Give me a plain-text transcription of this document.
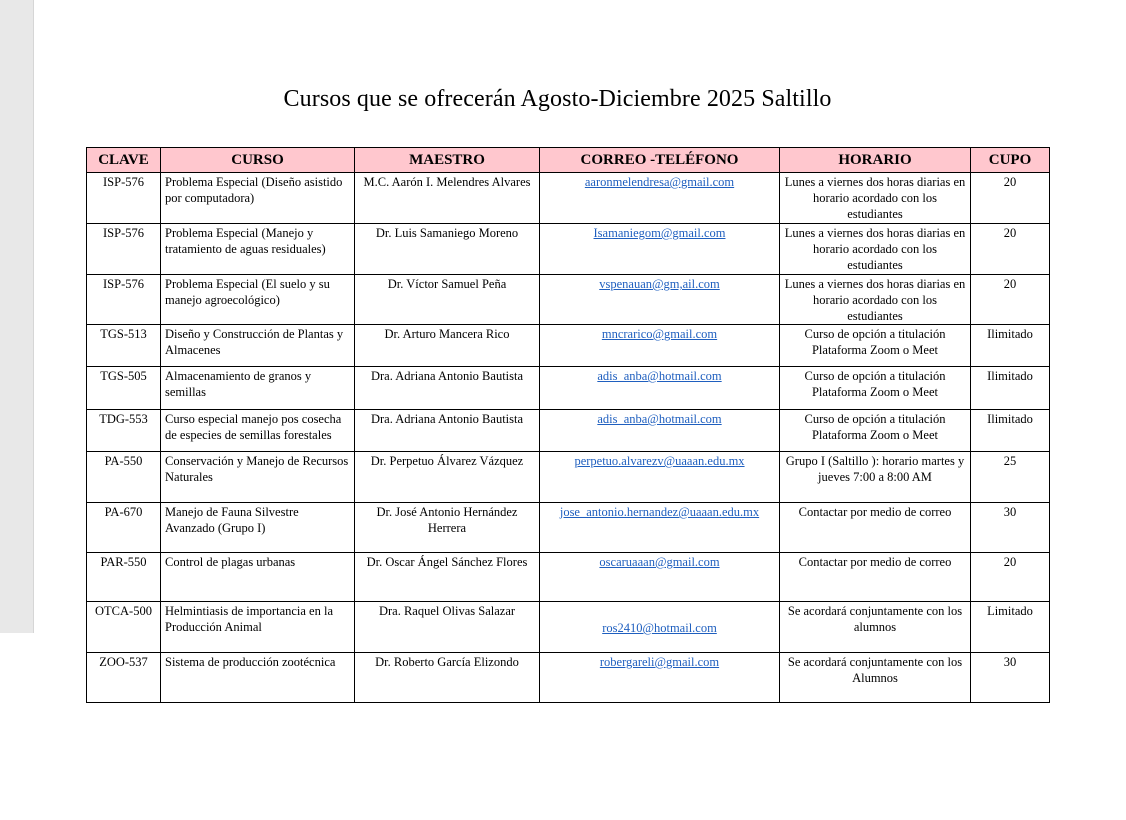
Cursos que se ofrecerán Agosto-Diciembre 2025 Saltillo
CLAVE	CURSO	MAESTRO	CORREO -TELÉFONO	HORARIO	CUPO
ISP-576	Problema Especial (Diseño asistido por computadora)	M.C. Aarón I. Melendres Alvares	aaronmelendresa@gmail.com	Lunes a viernes dos horas diarias en horario acordado con los estudiantes	20
ISP-576	Problema Especial (Manejo y tratamiento de aguas residuales)	Dr. Luis Samaniego Moreno	Isamaniegom@gmail.com	Lunes a viernes dos horas diarias en horario acordado con los estudiantes	20
ISP-576	Problema Especial (El suelo y su manejo agroecológico)	Dr. Víctor Samuel Peña	vspenauan@gm,ail.com	Lunes a viernes dos horas diarias en horario acordado con los estudiantes	20
TGS-513	Diseño y Construcción de Plantas y Almacenes	Dr. Arturo Mancera Rico	mncrarico@gmail.com	Curso de opción a titulación Plataforma Zoom o Meet	Ilimitado
TGS-505	Almacenamiento de granos y semillas	Dra. Adriana Antonio Bautista	adis_anba@hotmail.com	Curso de opción a titulación Plataforma Zoom o Meet	Ilimitado
TDG-553	Curso especial manejo pos cosecha de especies de semillas forestales	Dra. Adriana Antonio Bautista	adis_anba@hotmail.com	Curso de opción a titulación Plataforma Zoom o Meet	Ilimitado
PA-550	Conservación y Manejo de Recursos Naturales	Dr. Perpetuo Álvarez Vázquez	perpetuo.alvarezv@uaaan.edu.mx	Grupo I (Saltillo ): horario martes y jueves 7:00 a 8:00 AM	25
PA-670	Manejo de Fauna Silvestre Avanzado (Grupo I)	Dr. José Antonio Hernández Herrera	jose_antonio.hernandez@uaaan.edu.mx	Contactar por medio de correo	30
PAR-550	Control de plagas urbanas	Dr. Oscar Ángel Sánchez Flores	oscaruaaan@gmail.com	Contactar por medio de correo	20
OTCA-500	Helmintiasis de importancia en la Producción Animal	Dra. Raquel Olivas Salazar	ros2410@hotmail.com	Se acordará conjuntamente con los alumnos	Limitado
ZOO-537	Sistema de producción zootécnica	Dr. Roberto García Elizondo	robergareli@gmail.com	Se acordará conjuntamente con los Alumnos	30
